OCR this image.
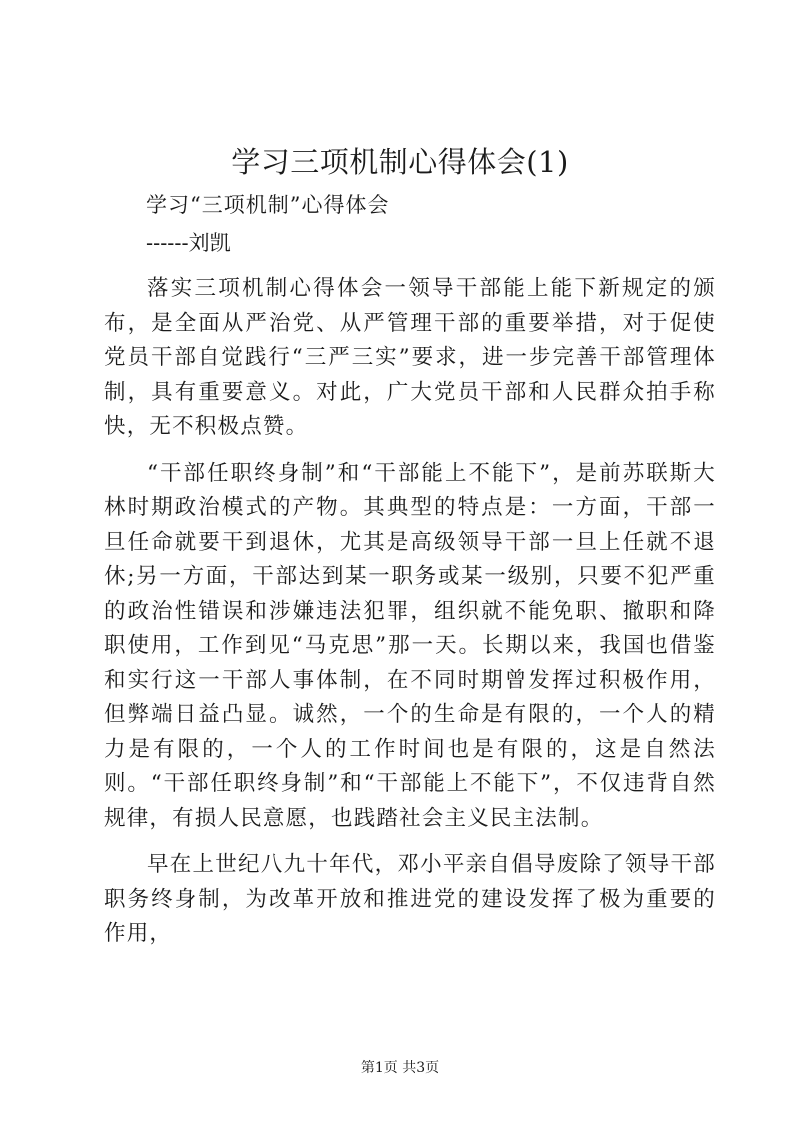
学习三项机制心得体会(1)
学习“三项机制”心得体会
------刘凯

落实三项机制心得体会一领导干部能上能下新规定的颁布，是全面从严治党、从严管理干部的重要举措，对于促使党员干部自觉践行“三严三实”要求，进一步完善干部管理体制，具有重要意义。对此，广大党员干部和人民群众拍手称快，无不积极点赞。

“干部任职终身制”和“干部能上不能下”，是前苏联斯大林时期政治模式的产物。其典型的特点是：一方面，干部一旦任命就要干到退休，尤其是高级领导干部一旦上任就不退休;另一方面，干部达到某一职务或某一级别，只要不犯严重的政治性错误和涉嫌违法犯罪，组织就不能免职、撤职和降职使用，工作到见“马克思”那一天。长期以来，我国也借鉴和实行这一干部人事体制，在不同时期曾发挥过积极作用，但弊端日益凸显。诚然，一个的生命是有限的，一个人的精力是有限的，一个人的工作时间也是有限的，这是自然法则。“干部任职终身制”和“干部能上不能下”，不仅违背自然规律，有损人民意愿，也践踏社会主义民主法制。

早在上世纪八九十年代，邓小平亲自倡导废除了领导干部职务终身制，为改革开放和推进党的建设发挥了极为重要的作用，

第1页 共3页
